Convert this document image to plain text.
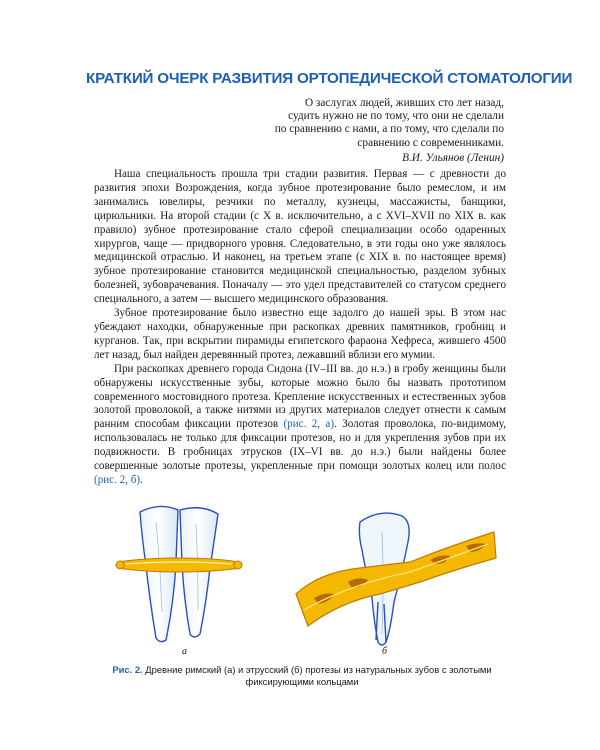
КРАТКИЙ ОЧЕРК РАЗВИТИЯ ОРТОПЕДИЧЕСКОЙ СТОМАТОЛОГИИ
О заслугах людей, живших сто лет назад,
судить нужно не по тому, что они не сделали
по сравнению с нами, а по тому, что сделали по
сравнению с современниками.
В.И. Ульянов (Ленин)

Наша специальность прошла три стадии развития. Первая — с древности до развития эпохи Возрождения, когда зубное протезирование было ремеслом, и им занимались ювелиры, резчики по металлу, кузнецы, массажисты, банщики, цирюльники. На второй стадии (с X в. исключительно, а с XVI–XVII по XIX в. как правило) зубное протезирование стало сферой специализации особо одаренных хирургов, чаще — придворного уровня. Следовательно, в эти годы оно уже являлось медицинской отраслью. И наконец, на третьем этапе (с XIX в. по настоящее время) зубное протезирование становится медицинской специальностью, разделом зубных болезней, зубоврачевания. Поначалу — это удел представителей со статусом среднего специального, а затем — высшего медицинского образования.

Зубное протезирование было известно еще задолго до нашей эры. В этом нас убеждают находки, обнаруженные при раскопках древних памятников, гробниц и курганов. Так, при вскрытии пирамиды египетского фараона Хефреса, жившего 4500 лет назад, был найден деревянный протез, лежавший вблизи его мумии.

При раскопках древнего города Сидона (IV–III вв. до н.э.) в гробу женщины были обнаружены искусственные зубы, которые можно было бы назвать прототипом современного мостовидного протеза. Крепление искусственных и естественных зубов золотой проволокой, а также нитями из других материалов следует отнести к самым ранним способам фиксации протезов (рис. 2, а). Золотая проволока, по-видимому, использовалась не только для фиксации протезов, но и для укрепления зубов при их подвижности. В гробницах этрусков (IX–VI вв. до н.э.) были найдены более совершенные золотые протезы, укрепленные при помощи золотых колец или полос (рис. 2, б).

а	б
Рис. 2. Древние римский (а) и этрусский (б) протезы из натуральных зубов с золотыми фиксирующими кольцами
